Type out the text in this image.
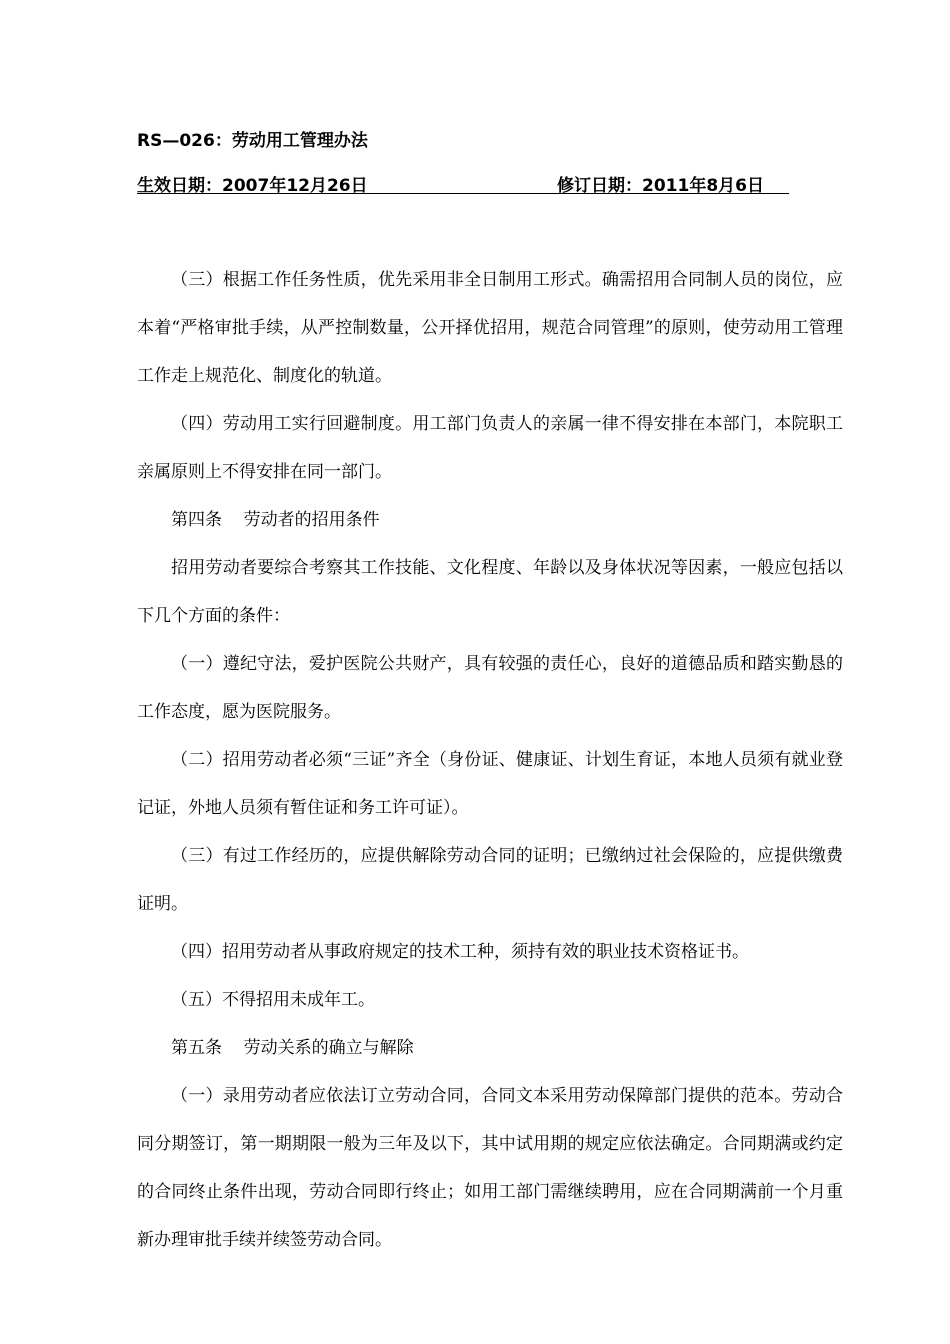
RS—026：劳动用工管理办法
生效日期：2007年12月26日	修订日期：2011年8月6日

（三）根据工作任务性质，优先采用非全日制用工形式。确需招用合同制人员的岗位，应本着“严格审批手续，从严控制数量，公开择优招用，规范合同管理”的原则，使劳动用工管理工作走上规范化、制度化的轨道。

（四）劳动用工实行回避制度。用工部门负责人的亲属一律不得安排在本部门，本院职工亲属原则上不得安排在同一部门。

第四条    劳动者的招用条件

招用劳动者要综合考察其工作技能、文化程度、年龄以及身体状况等因素，一般应包括以下几个方面的条件：

（一）遵纪守法，爱护医院公共财产，具有较强的责任心，良好的道德品质和踏实勤恳的工作态度，愿为医院服务。

（二）招用劳动者必须“三证”齐全（身份证、健康证、计划生育证，本地人员须有就业登记证，外地人员须有暂住证和务工许可证）。

（三）有过工作经历的，应提供解除劳动合同的证明；已缴纳过社会保险的，应提供缴费证明。

（四）招用劳动者从事政府规定的技术工种，须持有效的职业技术资格证书。

（五）不得招用未成年工。

第五条    劳动关系的确立与解除

（一）录用劳动者应依法订立劳动合同，合同文本采用劳动保障部门提供的范本。劳动合同分期签订，第一期期限一般为三年及以下，其中试用期的规定应依法确定。合同期满或约定的合同终止条件出现，劳动合同即行终止；如用工部门需继续聘用，应在合同期满前一个月重新办理审批手续并续签劳动合同。
